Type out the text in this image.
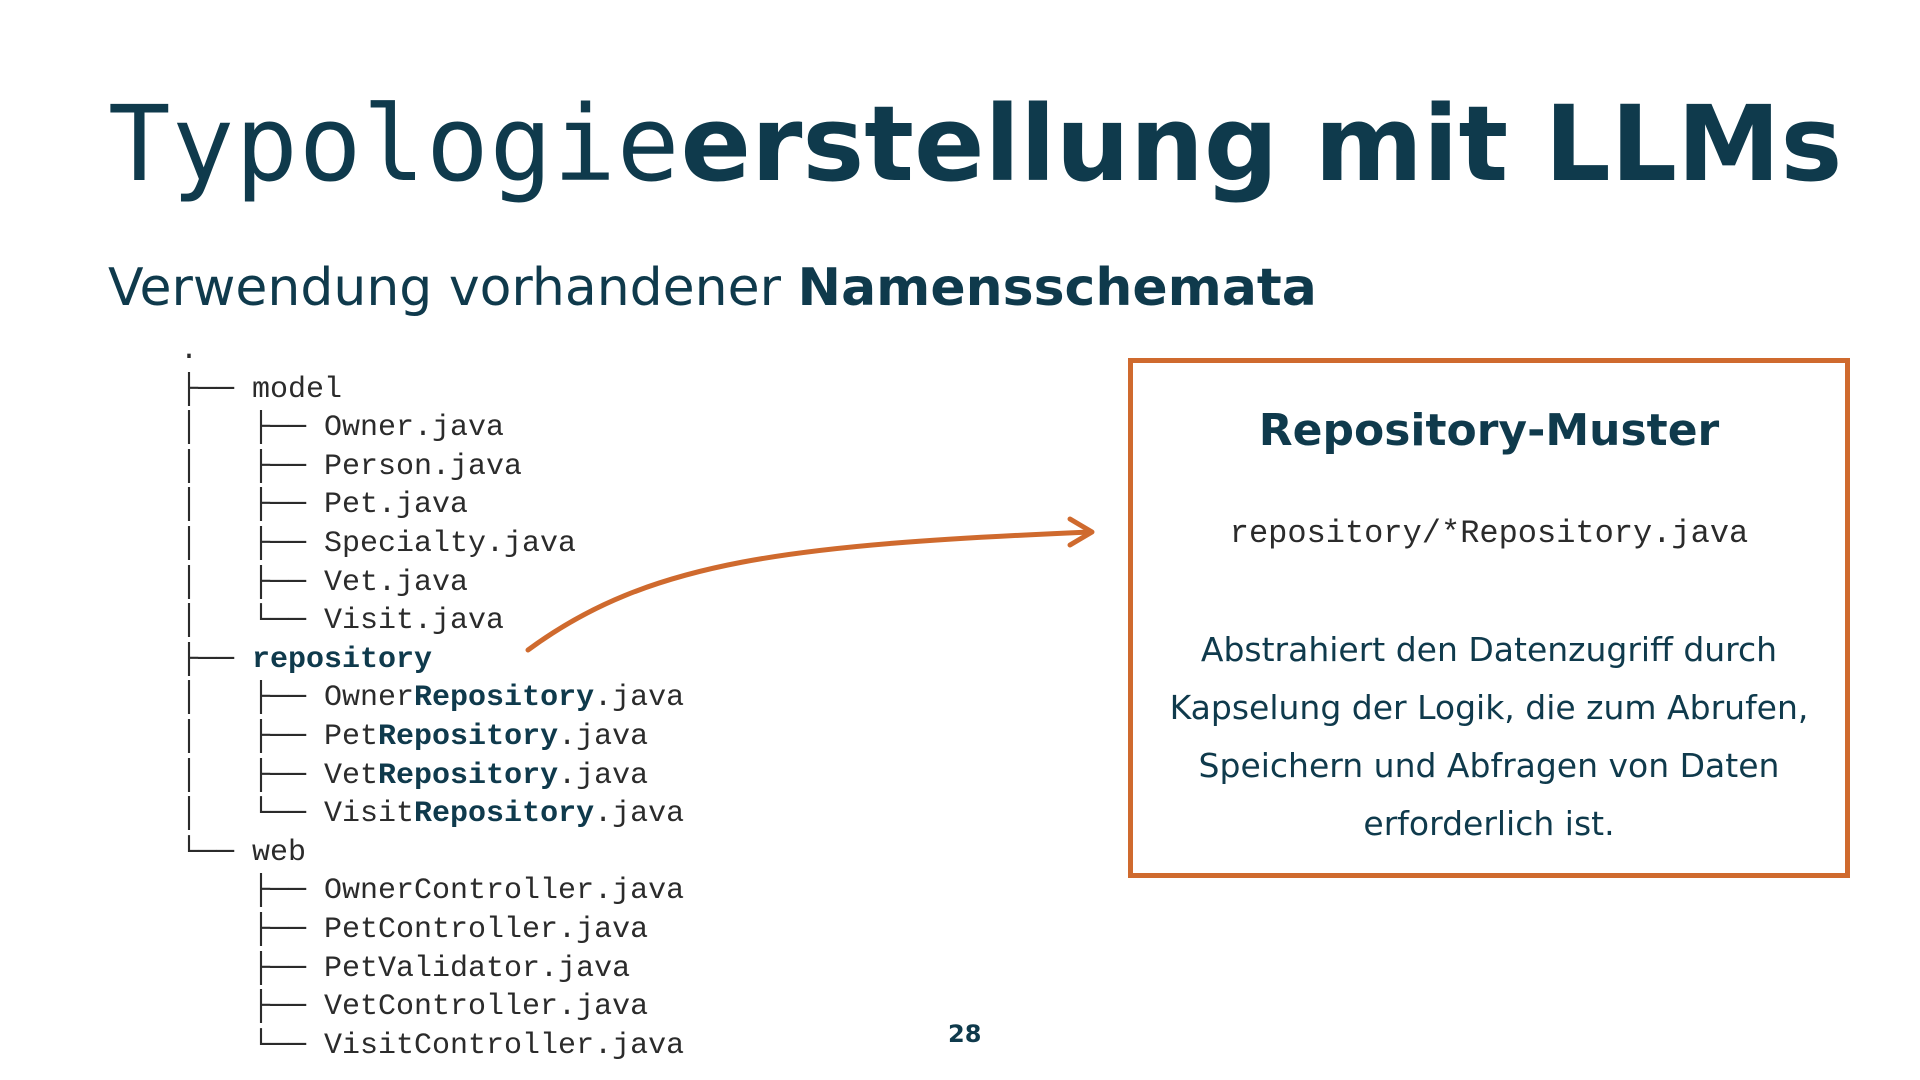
Typologieerstellung mit LLMs
Verwendung vorhandener Namensschemata
.
├── model
│   ├── Owner.java
│   ├── Person.java
│   ├── Pet.java
│   ├── Specialty.java
│   ├── Vet.java
│   └── Visit.java
├── repository
│   ├── OwnerRepository.java
│   ├── PetRepository.java
│   ├── VetRepository.java
│   └── VisitRepository.java
└── web
├── OwnerController.java
├── PetController.java
├── PetValidator.java
├── VetController.java
└── VisitController.java
Repository-Muster
repository/*Repository.java
Abstrahiert den Datenzugriff durch Kapselung der Logik, die zum Abrufen, Speichern und Abfragen von Daten erforderlich ist.
28
